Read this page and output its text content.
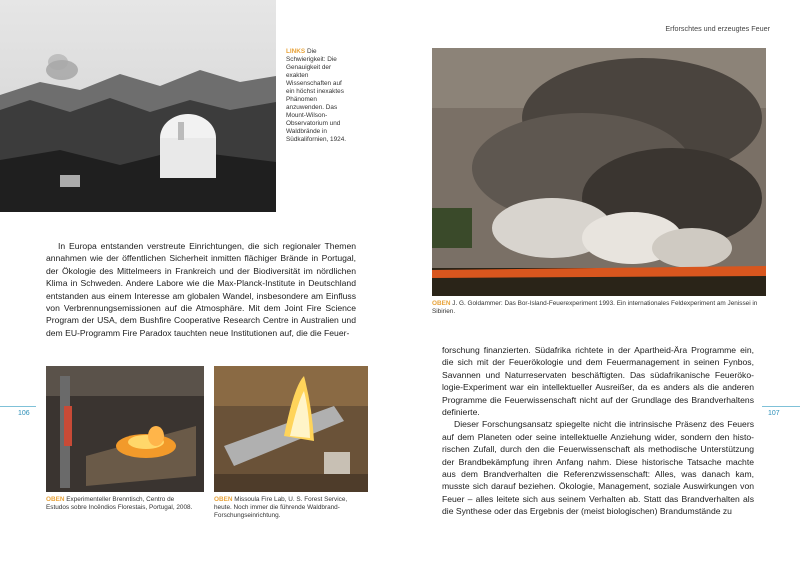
LINKS Die Schwierigkeit: Die Genauigkeit der exakten Wissenschaften auf ein höchst inexaktes Phänomen anzuwenden. Das Mount-Wilson-Observatorium und Waldbrände in Südkalifornien, 1924.

In Europa entstanden verstreute Einrichtungen, die sich regionaler Themen annahmen wie der öffentlichen Sicherheit inmitten flächiger Brände in Portugal, der Ökologie des Mittelmeers in Frankreich und der Biodiversität im nördlichen Klima in Schweden. Andere Labore wie die Max-Planck-Institute in Deutschland entstanden aus einem Interesse am globalen Wandel, insbesondere am Einfluss von Verbrennungsemissionen auf die Atmosphäre. Mit dem Joint Fire Science Program der USA, dem Bushfire Cooperative Research Centre in Australien und dem EU-Programm Fire Paradox tauchten neue Institutionen auf, die die Feuer-

OBEN Experimenteller Brenntisch, Centro de Estudos sobre Incêndios Florestais, Portugal, 2008.
OBEN Missoula Fire Lab, U. S. Forest Service, heute. Noch immer die führende Waldbrand-Forschungseinrichtung.
106
Erforschtes und erzeugtes Feuer
OBEN J. G. Goldammer: Das Bor-Island-Feuerexperiment 1993. Ein internationales Feldexperiment am Jenissei in Sibirien.

forschung finanzierten. Südafrika richtete in der Apartheid-Ära Programme ein, die sich mit der Feuerökologie und dem Feuermanagement in seinen Fynbos, Savannen und Naturreservaten beschäftigten. Das südafrikanische Feuerökologie-Experiment war ein intellektueller Ausreißer, da es anders als die anderen Programme die Feuerwissenschaft nicht auf der Grundlage des Brandverhaltens definierte.

Dieser Forschungsansatz spiegelte nicht die intrinsische Präsenz des Feuers auf dem Planeten oder seine intellektuelle Anziehung wider, sondern den historischen Zufall, durch den die Feuerwissenschaft als methodische Unterstützung der Brandbekämpfung ihren Anfang nahm. Diese historische Tatsache machte aus dem Brandverhalten die Referenzwissenschaft: Alles, was danach kam, musste sich darauf beziehen. Ökologie, Management, soziale Auswirkungen von Feuer – alles leitete sich aus seinem Verhalten ab. Statt das Brandverhalten als die Synthese oder das Ergebnis der (meist biologischen) Brandumstände zu

107
